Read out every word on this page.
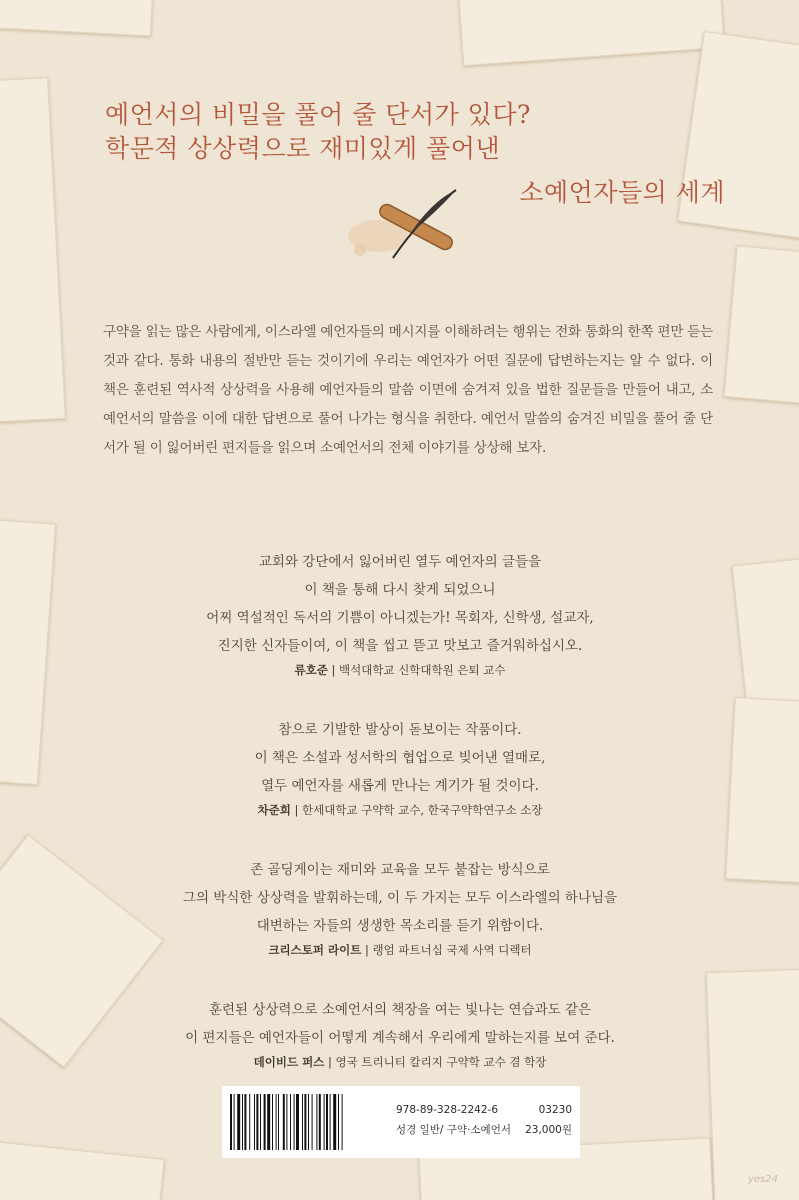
예언서의 비밀을 풀어 줄 단서가 있다?
학문적 상상력으로 재미있게 풀어낸
소예언자들의 세계
구약을 읽는 많은 사람에게, 이스라엘 예언자들의 메시지를 이해하려는 행위는 전화 통화의 한쪽 편만 듣는 것과 같다. 통화 내용의 절반만 듣는 것이기에 우리는 예언자가 어떤 질문에 답변하는지는 알 수 없다. 이 책은 훈련된 역사적 상상력을 사용해 예언자들의 말씀 이면에 숨겨져 있을 법한 질문들을 만들어 내고, 소예언서의 말씀을 이에 대한 답변으로 풀어 나가는 형식을 취한다. 예언서 말씀의 숨겨진 비밀을 풀어 줄 단서가 될 이 잃어버린 편지들을 읽으며 소예언서의 전체 이야기를 상상해 보자.

교회와 강단에서 잃어버린 열두 예언자의 글들을

이 책을 통해 다시 찾게 되었으니

어찌 역설적인 독서의 기쁨이 아니겠는가! 목회자, 신학생, 설교자,

진지한 신자들이여, 이 책을 씹고 뜯고 맛보고 즐거워하십시오.

류호준 | 백석대학교 신학대학원 은퇴 교수

참으로 기발한 발상이 돋보이는 작품이다.

이 책은 소설과 성서학의 협업으로 빚어낸 열매로,

열두 예언자를 새롭게 만나는 계기가 될 것이다.

차준희 | 한세대학교 구약학 교수, 한국구약학연구소 소장

존 골딩게이는 재미와 교육을 모두 붙잡는 방식으로

그의 박식한 상상력을 발휘하는데, 이 두 가지는 모두 이스라엘의 하나님을

대변하는 자들의 생생한 목소리를 듣기 위함이다.

크리스토퍼 라이트 | 랭엄 파트너십 국제 사역 디렉터

훈련된 상상력으로 소예언서의 책장을 여는 빛나는 연습과도 같은

이 편지들은 예언자들이 어떻게 계속해서 우리에게 말하는지를 보여 준다.

데이비드 퍼스 | 영국 트리니티 칼리지 구약학 교수 겸 학장
978-89-328-2242-6	03230
성경 일반/ 구약·소예언서 23,000원
yes24
